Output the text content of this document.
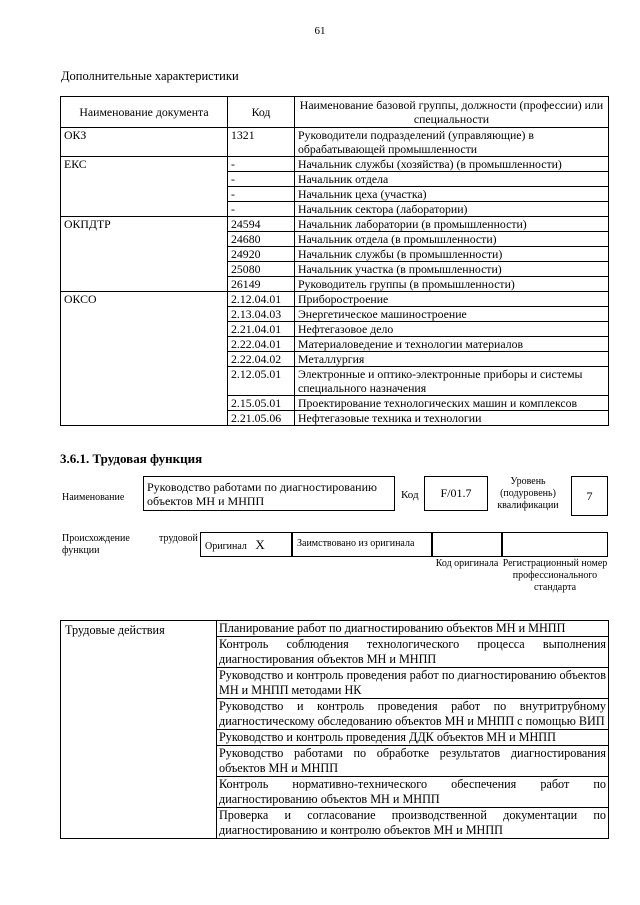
61
Дополнительные характеристики
Наименование документа	Код	Наименование базовой группы, должности (профессии) или специальности
ОКЗ	1321	Руководители подразделений (управляющие) в обрабатывающей промышленности
ЕКС	-	Начальник службы (хозяйства) (в промышленности)
	-	Начальник отдела
	-	Начальник цеха (участка)
	-	Начальник сектора (лаборатории)
ОКПДТР	24594	Начальник лаборатории (в промышленности)
	24680	Начальник отдела (в промышленности)
	24920	Начальник службы (в промышленности)
	25080	Начальник участка (в промышленности)
	26149	Руководитель группы (в промышленности)
ОКСО	2.12.04.01	Приборостроение
	2.13.04.03	Энергетическое машиностроение
	2.21.04.01	Нефтегазовое дело
	2.22.04.01	Материаловедение и технологии материалов
	2.22.04.02	Металлургия
	2.12.05.01	Электронные и оптико-электронные приборы и системы специального назначения
	2.15.05.01	Проектирование технологических машин и комплексов
	2.21.05.06	Нефтегазовые техника и технологии
3.6.1. Трудовая функция
Наименование
Руководство работами по диагностированию объектов МН и МНПП	Код	F/01.7
Уровень (подуровень) квалификации
7
Происхождение	трудовой
функции	Оригинал X	Заимствовано из оригинала
Код оригинала Регистрационный номер профессионального стандарта
Трудовые действия	Планирование работ по диагностированию объектов МН и МНПП
Контроль соблюдения технологического процесса выполнения диагностирования объектов МН и МНПП
Руководство и контроль проведения работ по диагностированию объектов МН и МНПП методами НК
Руководство и контроль проведения работ по внутритрубному диагностическому обследованию объектов МН и МНПП с помощью ВИП
Руководство и контроль проведения ДДК объектов МН и МНПП
Руководство работами по обработке результатов диагностирования объектов МН и МНПП
Контроль нормативно-технического обеспечения работ по диагностированию объектов МН и МНПП
Проверка и согласование производственной документации по диагностированию и контролю объектов МН и МНПП
